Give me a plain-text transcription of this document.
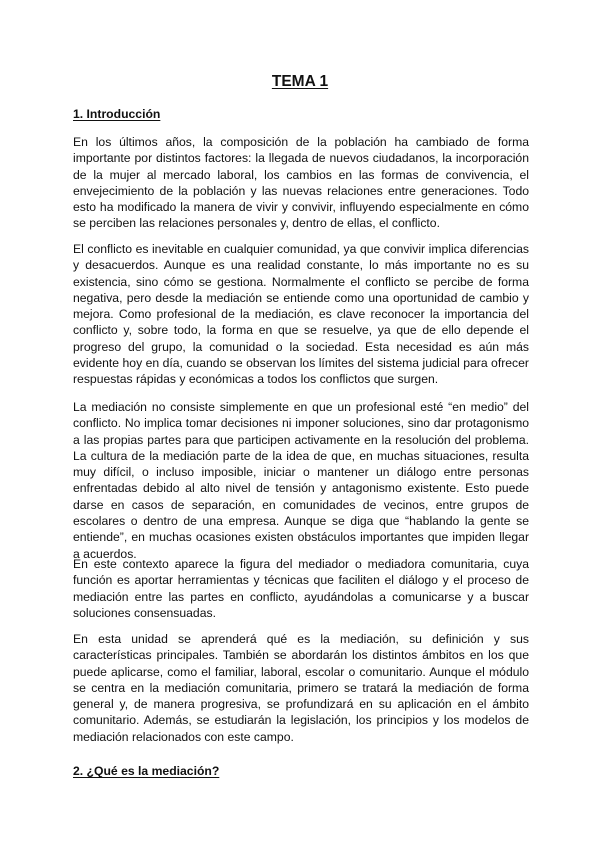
TEMA 1
1. Introducción

En los últimos años, la composición de la población ha cambiado de forma importante por distintos factores: la llegada de nuevos ciudadanos, la incorporación de la mujer al mercado laboral, los cambios en las formas de convivencia, el envejecimiento de la población y las nuevas relaciones entre generaciones. Todo esto ha modificado la manera de vivir y convivir, influyendo especialmente en cómo se perciben las relaciones personales y, dentro de ellas, el conflicto.

El conflicto es inevitable en cualquier comunidad, ya que convivir implica diferencias y desacuerdos. Aunque es una realidad constante, lo más importante no es su existencia, sino cómo se gestiona. Normalmente el conflicto se percibe de forma negativa, pero desde la mediación se entiende como una oportunidad de cambio y mejora. Como profesional de la mediación, es clave reconocer la importancia del conflicto y, sobre todo, la forma en que se resuelve, ya que de ello depende el progreso del grupo, la comunidad o la sociedad. Esta necesidad es aún más evidente hoy en día, cuando se observan los límites del sistema judicial para ofrecer respuestas rápidas y económicas a todos los conflictos que surgen.

La mediación no consiste simplemente en que un profesional esté “en medio” del conflicto. No implica tomar decisiones ni imponer soluciones, sino dar protagonismo a las propias partes para que participen activamente en la resolución del problema. La cultura de la mediación parte de la idea de que, en muchas situaciones, resulta muy difícil, o incluso imposible, iniciar o mantener un diálogo entre personas enfrentadas debido al alto nivel de tensión y antagonismo existente. Esto puede darse en casos de separación, en comunidades de vecinos, entre grupos de escolares o dentro de una empresa. Aunque se diga que “hablando la gente se entiende”, en muchas ocasiones existen obstáculos importantes que impiden llegar a acuerdos.

En este contexto aparece la figura del mediador o mediadora comunitaria, cuya función es aportar herramientas y técnicas que faciliten el diálogo y el proceso de mediación entre las partes en conflicto, ayudándolas a comunicarse y a buscar soluciones consensuadas.

En esta unidad se aprenderá qué es la mediación, su definición y sus características principales. También se abordarán los distintos ámbitos en los que puede aplicarse, como el familiar, laboral, escolar o comunitario. Aunque el módulo se centra en la mediación comunitaria, primero se tratará la mediación de forma general y, de manera progresiva, se profundizará en su aplicación en el ámbito comunitario. Además, se estudiarán la legislación, los principios y los modelos de mediación relacionados con este campo.

2. ¿Qué es la mediación?
